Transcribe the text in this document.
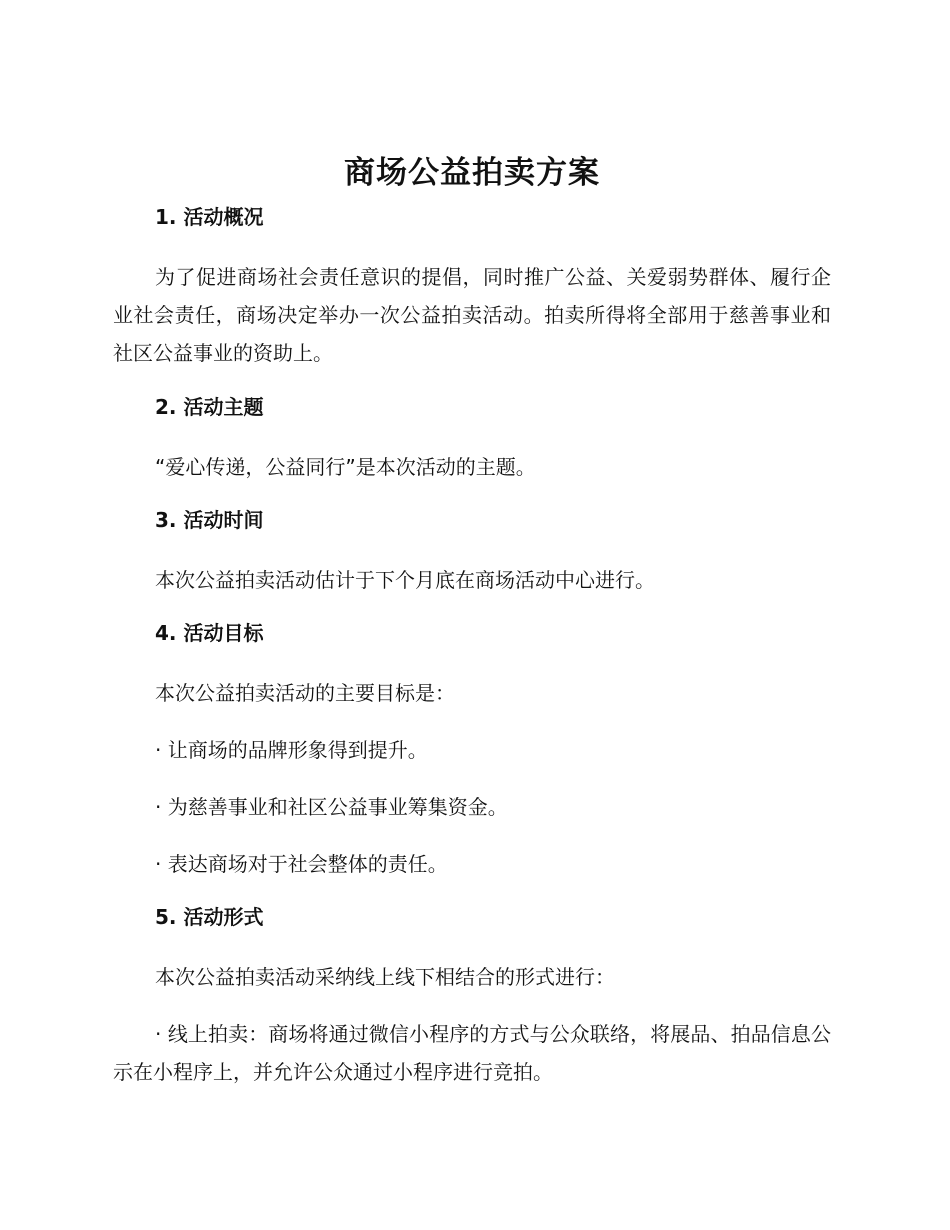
商场公益拍卖方案
1. 活动概况

为了促进商场社会责任意识的提倡，同时推广公益、关爱弱势群体、履行企业社会责任，商场决定举办一次公益拍卖活动。拍卖所得将全部用于慈善事业和社区公益事业的资助上。

2. 活动主题

“爱心传递，公益同行”是本次活动的主题。

3. 活动时间

本次公益拍卖活动估计于下个月底在商场活动中心进行。

4. 活动目标

本次公益拍卖活动的主要目标是：

· 让商场的品牌形象得到提升。

· 为慈善事业和社区公益事业筹集资金。

· 表达商场对于社会整体的责任。

5. 活动形式

本次公益拍卖活动采纳线上线下相结合的形式进行：

· 线上拍卖：商场将通过微信小程序的方式与公众联络，将展品、拍品信息公示在小程序上，并允许公众通过小程序进行竞拍。
